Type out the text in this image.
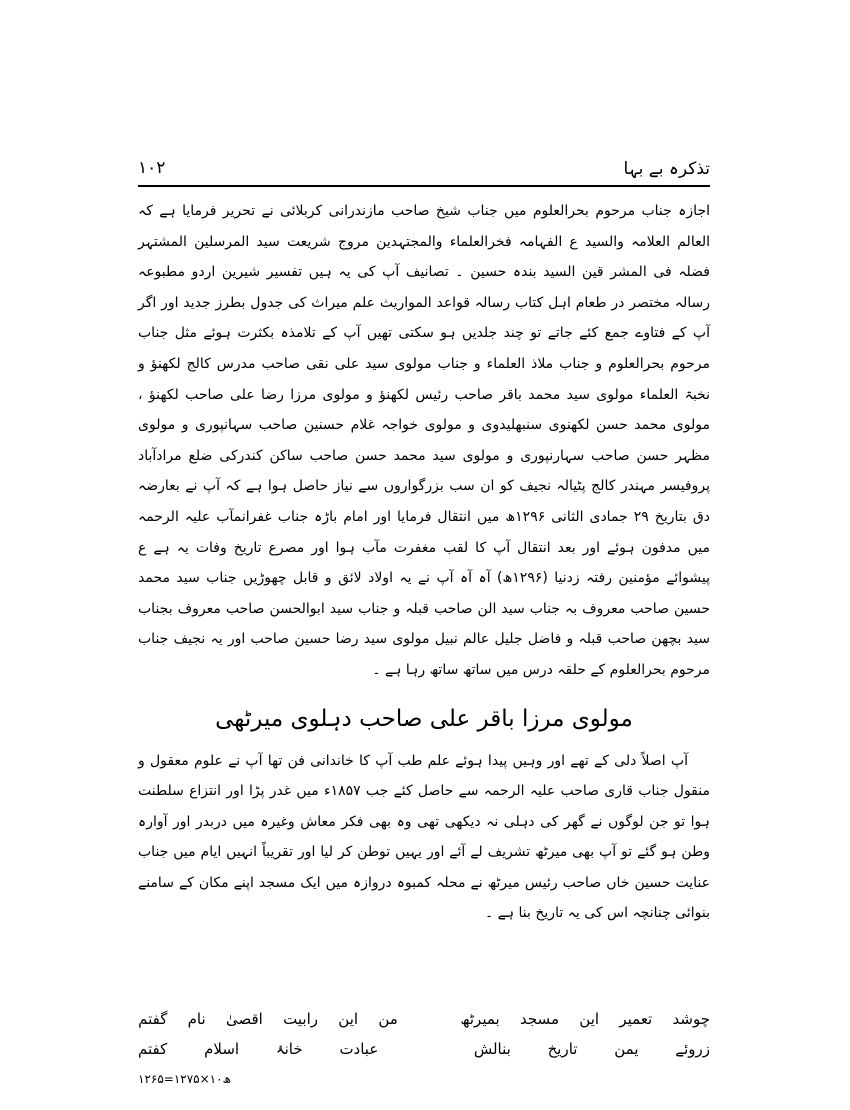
تذکرہ بے بہا
۱۰۲

اجازہ جناب مرحوم بحرالعلوم میں جناب شیخ صاحب مازندرانی کربلائی نے تحریر فرمایا ہے کہ العالم العلامہ والسید ع الفہامہ فخرالعلماء والمجتہدین مروج شریعت سید المرسلین المشتہر فضلہ فی المشر قین السید بندہ حسین ۔ تصانیف آپ کی یہ ہیں تفسیر شیرین اردو مطبوعہ رسالہ مختصر در طعام اہل کتاب رسالہ قواعد المواریث علم میراث کی جدول بطرز جدید اور اگر آپ کے فتاوے جمع کئے جاتے تو چند جلدیں ہو سکتی تھیں آپ کے تلامذہ بکثرت ہوئے مثل جناب مرحوم بحرالعلوم و جناب ملاذ العلماء و جناب مولوی سید علی نقی صاحب مدرس کالج لکھنؤ و نخبۃ العلماء مولوی سید محمد باقر صاحب رئیس لکھنؤ و مولوی مرزا رضا علی صاحب لکھنؤ ، مولوی محمد حسن لکھنوی سنبھلیدوی و مولوی خواجہ غلام حسنین صاحب سہانپوری و مولوی مظہر حسن صاحب سہارنپوری و مولوی سید محمد حسن صاحب ساکن کندرکی ضلع مرادآباد پروفیسر مہندر کالج پٹیالہ نجیف کو ان سب بزرگواروں سے نیاز حاصل ہوا ہے کہ آپ نے بعارضہ دق بتاریخ ۲۹ جمادی الثانی ۱۲۹۶ھ میں انتقال فرمایا اور امام باڑہ جناب غفرانمآب علیہ الرحمہ میں مدفون ہوئے اور بعد انتقال آپ کا لقب مغفرت مآب ہوا اور مصرع تاریخ وفات یہ ہے ع پیشوائے مؤمنین رفتہ زدنیا (۱۲۹۶ھ) آہ آہ آپ نے یہ اولاد لائق و قابل چھوڑیں جناب سید محمد حسین صاحب معروف بہ جناب سید الن صاحب قبلہ و جناب سید ابوالحسن صاحب معروف بجناب سید بچھن صاحب قبلہ و فاضل جلیل عالم نبیل مولوی سید رضا حسین صاحب اور یہ نجیف جناب مرحوم بحرالعلوم کے حلقہ درس میں ساتھ ساتھ رہا ہے ۔

مولوی مرزا باقر علی صاحب دہلوی میرٹھی

آپ اصلاً دلی کے تھے اور وہیں پیدا ہوئے علم طب آپ کا خاندانی فن تھا آپ نے علوم معقول و منقول جناب قاری صاحب علیہ الرحمہ سے حاصل کئے جب ۱۸۵۷ء میں غدر پڑا اور انتزاع سلطنت ہوا تو جن لوگوں نے گھر کی دہلی نہ دیکھی تھی وہ بھی فکر معاش وغیرہ میں دربدر اور آوارہ وطن ہو گئے تو آپ بھی میرٹھ تشریف لے آئے اور یہیں توطن کر لیا اور تقریباً انہیں ایام میں جناب عنایت حسین خاں صاحب رئیس میرٹھ نے محلہ کمبوہ دروازہ میں ایک مسجد اپنے مکان کے سامنے بنوائی چنانچہ اس کی یہ تاریخ بنا ہے ۔

چوشد
تعمیر
این
مسجد
بمیرٹھ
من
این
رابیت
اقصیٰ
نام
گفتم
زروئے
یمن
تاریخ
بنالش
عبادت
خانۂ
اسلام
کفتم
۱۲۶۵=۱۲۷۵×۱۰ھ
